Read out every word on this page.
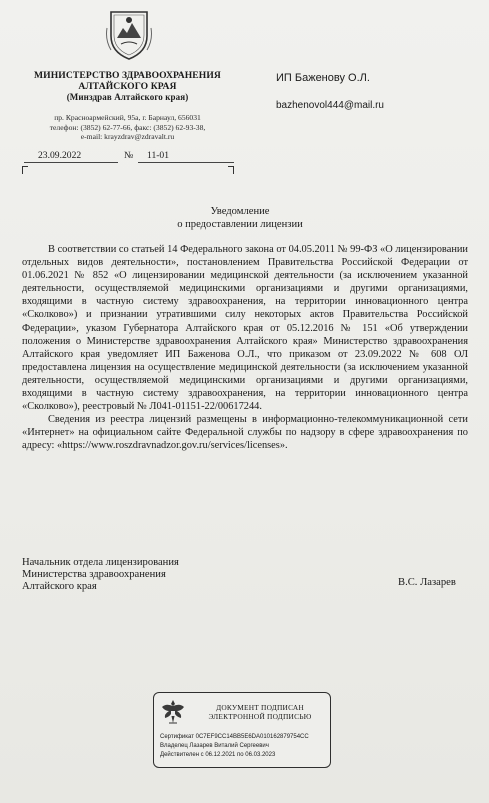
МИНИСТЕРСТВО ЗДРАВООХРАНЕНИЯ
АЛТАЙСКОГО КРАЯ
(Минздрав Алтайского края)
пр. Красноармейский, 95а, г. Барнаул, 656031
телефон: (3852) 62-77-66, факс: (3852) 62-93-38,
e-mail: krayzdrav@zdravalt.ru
23.09.2022	№ 11-01
ИП Баженову О.Л.
bazhenovol444@mail.ru
Уведомление
о предоставлении лицензии

В соответствии со статьей 14 Федерального закона от 04.05.2011 № 99-ФЗ «О лицензировании отдельных видов деятельности», постановлением Правительства Российской Федерации от 01.06.2021 № 852 «О лицензировании медицинской деятельности (за исключением указанной деятельности, осуществляемой медицинскими организациями и другими организациями, входящими в частную систему здравоохранения, на территории инновационного центра «Сколково») и признании утратившими силу некоторых актов Правительства Российской Федерации», указом Губернатора Алтайского края от 05.12.2016 № 151 «Об утверждении положения о Министерстве здравоохранения Алтайского края» Министерство здравоохранения Алтайского края уведомляет ИП Баженова О.Л., что приказом от 23.09.2022 № 608 ОЛ предоставлена лицензия на осуществление медицинской деятельности (за исключением указанной деятельности, осуществляемой медицинскими организациями и другими организациями, входящими в частную систему здравоохранения, на территории инновационного центра «Сколково»), реестровый № Л041-01151-22/00617244.

Сведения из реестра лицензий размещены в информационно-телекоммуникационной сети «Интернет» на официальном сайте Федеральной службы по надзору в сфере здравоохранения по адресу: «https://www.roszdravnadzor.gov.ru/services/licenses».

Начальник отдела лицензирования
Министерства здравоохранения
Алтайского края	В.С. Лазарев
ДОКУМЕНТ ПОДПИСАН
ЭЛЕКТРОННОЙ ПОДПИСЬЮ
Сертификат 0C7EF9CC14BB5E6DA010162879754CC
Владелец Лазарев Виталий Сергеевич
Действителен с 06.12.2021 по 06.03.2023
